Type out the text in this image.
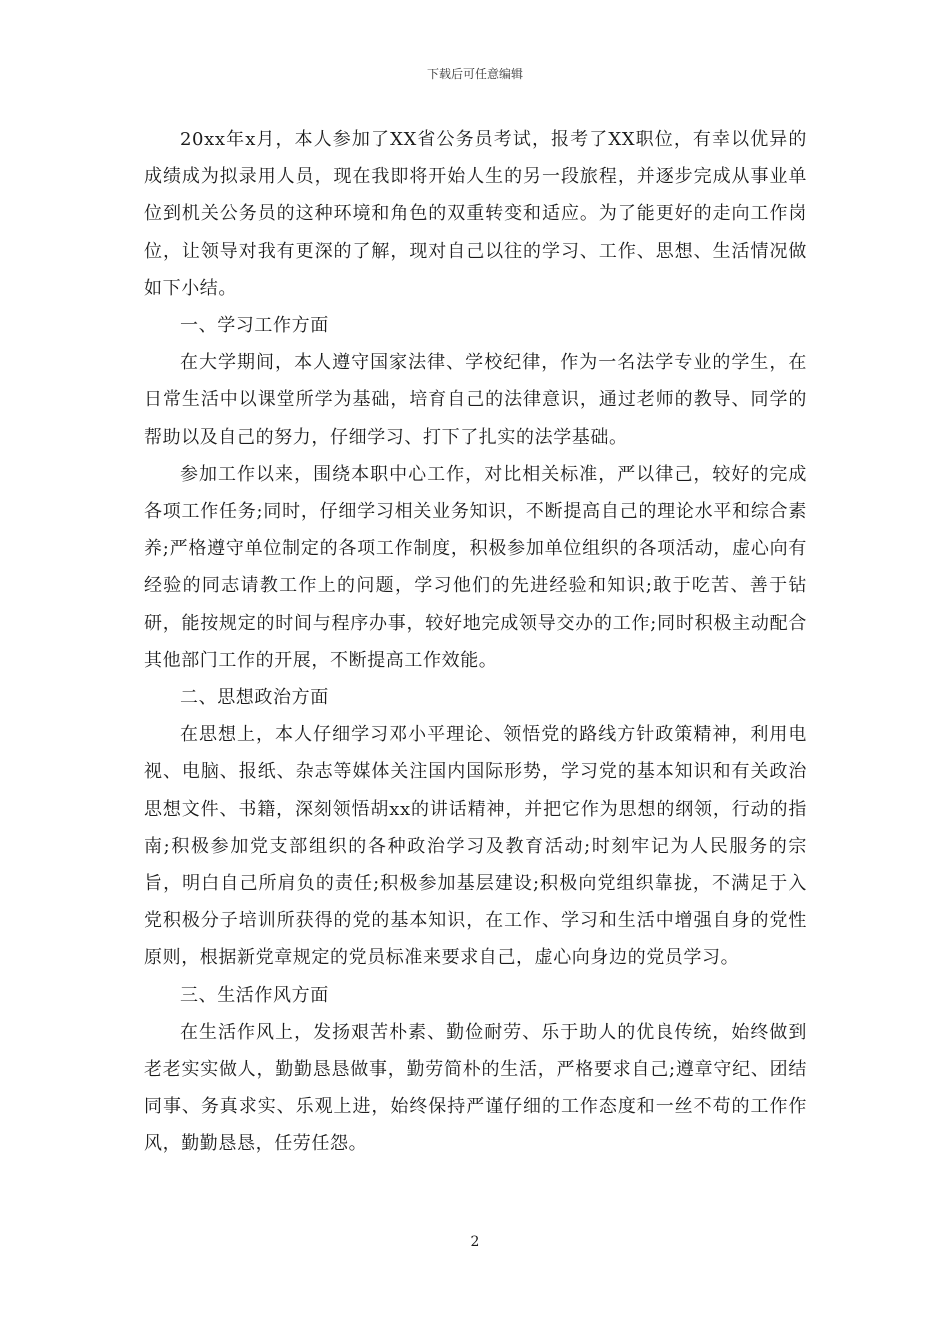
下载后可任意编辑

20xx年x月，本人参加了XX省公务员考试，报考了XX职位，有幸以优异的成绩成为拟录用人员，现在我即将开始人生的另一段旅程，并逐步完成从事业单位到机关公务员的这种环境和角色的双重转变和适应。为了能更好的走向工作岗位，让领导对我有更深的了解，现对自己以往的学习、工作、思想、生活情况做如下小结。

一、学习工作方面

在大学期间，本人遵守国家法律、学校纪律，作为一名法学专业的学生，在日常生活中以课堂所学为基础，培育自己的法律意识，通过老师的教导、同学的帮助以及自己的努力，仔细学习、打下了扎实的法学基础。

参加工作以来，围绕本职中心工作，对比相关标准，严以律己，较好的完成各项工作任务;同时，仔细学习相关业务知识，不断提高自己的理论水平和综合素养;严格遵守单位制定的各项工作制度，积极参加单位组织的各项活动，虚心向有经验的同志请教工作上的问题，学习他们的先进经验和知识;敢于吃苦、善于钻研，能按规定的时间与程序办事，较好地完成领导交办的工作;同时积极主动配合其他部门工作的开展，不断提高工作效能。

二、思想政治方面

在思想上，本人仔细学习邓小平理论、领悟党的路线方针政策精神，利用电视、电脑、报纸、杂志等媒体关注国内国际形势，学习党的基本知识和有关政治思想文件、书籍，深刻领悟胡xx的讲话精神，并把它作为思想的纲领，行动的指南;积极参加党支部组织的各种政治学习及教育活动;时刻牢记为人民服务的宗旨，明白自己所肩负的责任;积极参加基层建设;积极向党组织靠拢，不满足于入党积极分子培训所获得的党的基本知识，在工作、学习和生活中增强自身的党性原则，根据新党章规定的党员标准来要求自己，虚心向身边的党员学习。

三、生活作风方面

在生活作风上，发扬艰苦朴素、勤俭耐劳、乐于助人的优良传统，始终做到老老实实做人，勤勤恳恳做事，勤劳简朴的生活，严格要求自己;遵章守纪、团结同事、务真求实、乐观上进，始终保持严谨仔细的工作态度和一丝不苟的工作作风，勤勤恳恳，任劳任怨。

2
